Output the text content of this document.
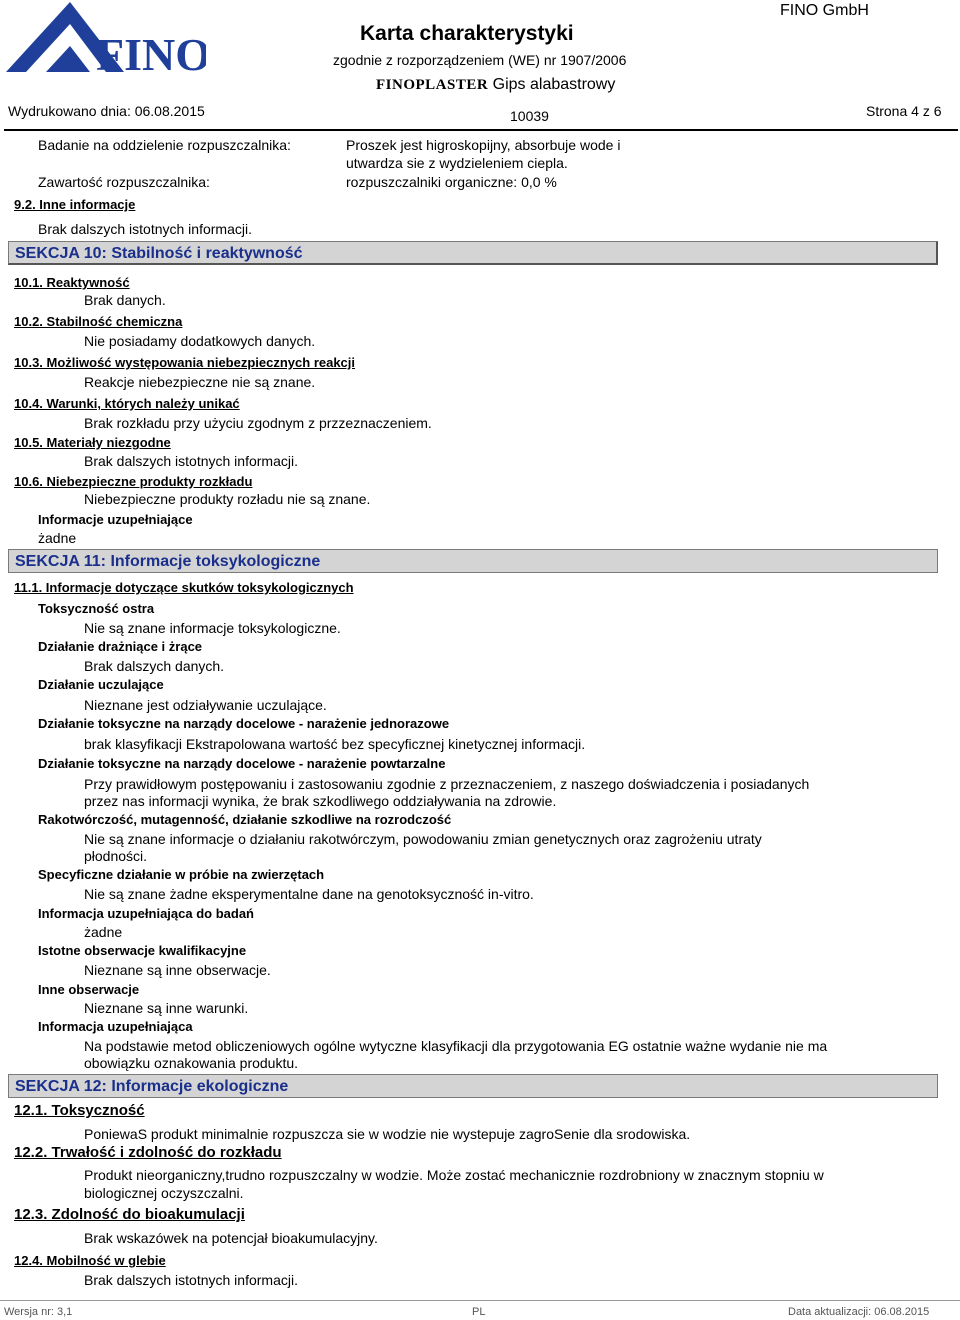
FINO	Karta charakterystyki
zgodnie z rozporządzeniem (WE) nr 1907/2006
FINOPLASTER Gips alabastrowy
FINO GmbH
Wydrukowano dnia: 06.08.2015	10039	Strona 4 z 6
Badanie na oddzielenie rozpuszczalnika:	Proszek jest higroskopijny, absorbuje wode i
utwardza sie z wydzieleniem ciepla.
Zawartość rozpuszczalnika:	rozpuszczalniki organiczne: 0,0 %
9.2. Inne informacje
Brak dalszych istotnych informacji.
SEKCJA 10: Stabilność i reaktywność
10.1. Reaktywność
Brak danych.
10.2. Stabilność chemiczna
Nie posiadamy dodatkowych danych.
10.3. Możliwość występowania niebezpiecznych reakcji
Reakcje niebezpieczne nie są znane.
10.4. Warunki, których należy unikać
Brak rozkładu przy użyciu zgodnym z przzeznaczeniem.
10.5. Materiały niezgodne
Brak dalszych istotnych informacji.
10.6. Niebezpieczne produkty rozkładu
Niebezpieczne produkty rozładu nie są znane.
Informacje uzupełniające
żadne
SEKCJA 11: Informacje toksykologiczne
11.1. Informacje dotyczące skutków toksykologicznych
Toksyczność ostra
Nie są znane informacje toksykologiczne.
Działanie drażniące i żrące
Brak dalszych danych.
Działanie uczulające
Nieznane jest odziaływanie uczulające.
Działanie toksyczne na narządy docelowe - narażenie jednorazowe
brak klasyfikacji Ekstrapolowana wartość bez specyficznej kinetycznej informacji.
Działanie toksyczne na narządy docelowe - narażenie powtarzalne
Przy prawidłowym postępowaniu i zastosowaniu zgodnie z przeznaczeniem, z naszego doświadczenia i posiadanych
przez nas informacji wynika, że brak szkodliwego oddziaływania na zdrowie.
Rakotwórczość, mutagenność, działanie szkodliwe na rozrodczość
Nie są znane informacje o działaniu rakotwórczym, powodowaniu zmian genetycznych oraz zagrożeniu utraty
płodności.
Specyficzne działanie w próbie na zwierzętach
Nie są znane żadne eksperymentalne dane na genotoksyczność in-vitro.
Informacja uzupełniająca do badań
żadne
Istotne obserwacje kwalifikacyjne
Nieznane są inne obserwacje.
Inne obserwacje
Nieznane są inne warunki.
Informacja uzupełniająca
Na podstawie metod obliczeniowych ogólne wytyczne klasyfikacji dla przygotowania EG ostatnie ważne wydanie nie ma
obowiązku oznakowania produktu.
SEKCJA 12: Informacje ekologiczne
12.1. Toksyczność
PoniewaS produkt minimalnie rozpuszcza sie w wodzie nie wystepuje zagroSenie dla srodowiska.
12.2. Trwałość i zdolność do rozkładu
Produkt nieorganiczny,trudno rozpuszczalny w wodzie. Może zostać mechanicznie rozdrobniony w znacznym stopniu w
biologicznej oczyszczalni.
12.3. Zdolność do bioakumulacji
Brak wskazówek na potencjał bioakumulacyjny.
12.4. Mobilność w glebie
Brak dalszych istotnych informacji.
Wersja nr: 3,1	PL	Data aktualizacji: 06.08.2015
